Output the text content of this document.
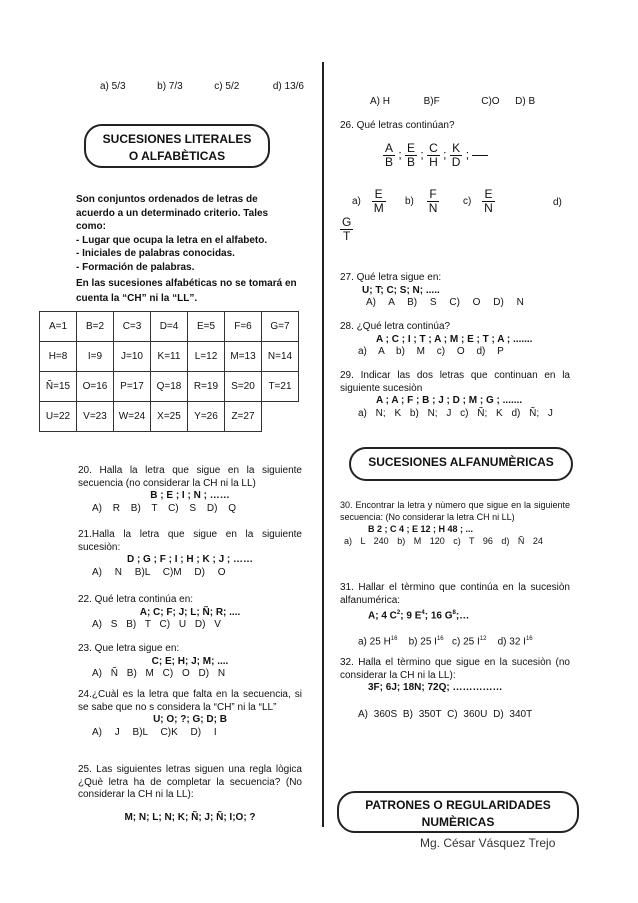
a) 5/3	b) 7/3	c) 5/2	d) 13/6
SUCESIONES LITERALES
O ALFABÈTICAS
Son conjuntos ordenados de letras de acuerdo a un determinado criterio. Tales como:
- Lugar que ocupa la letra en el alfabeto.
- Iniciales de palabras conocidas.
- Formación de palabras.
En las sucesiones alfabéticas no se tomará en cuenta la “CH” ni la “LL”.
A=1	B=2	C=3	D=4	E=5	F=6	G=7
H=8	I=9	J=10	K=11	L=12	M=13	N=14
Ñ=15	O=16	P=17	Q=18	R=19	S=20	T=21
U=22	V=23	W=24	X=25	Y=26	Z=27	
20. Halla la letra que sigue en la siguiente secuencia (no considerar la CH ni la LL)
B ; E ; I ; N ; ……
A) R B) T C) S D) Q
21.Halla la letra que sigue en la siguiente sucesiòn:
D ; G ; F ; I ; H ; K ; J ; ……
A) N B)L C)M D) O
22. Qué letra continúa en:
A; C; F; J; L; Ñ; R; ....
A) S B) T C) U D) V
23. Que letra sigue en:
C; E; H; J; M; ....
A) Ñ B) M C) O D) N
24.¿Cuàl es la letra que falta en la secuencia, si se sabe que no s considera la “CH” ni la “LL”
U; O; ?; G; D; B
A) J B)L C)K D) I
25. Las siguientes letras siguen una regla lògica ¿Què letra ha de completar la secuencia? (No considerar la CH ni la LL):
M; N; L; N; K; Ñ; J; Ñ; I;O; ?
A) H	B)F	C)O D) B
26. Qué letras continúan?
$\frac{A}{B}$ ; $\frac{E}{B}$ ; $\frac{C}{H}$ ; $\frac{K}{D}$ ;
$a) \frac{E}{M} b) \frac{F}{N} c) \frac{E}{N}$	d)
$\frac{G}{T}$
27. Qué letra sigue en:
U; T; C; S; N; .....
A) A B) S C) O D) N
28. ¿Qué letra continúa?
A ; C ; I ; T ; A ; M ; E ; T ; A ; .......
a) A b) M c) O d) P
29. Indicar las dos letras que continuan en la siguiente sucesiòn
A ; A ; F ; B ; J ; D ; M ; G ; .......
a) N; K b) N; J c) Ñ; K d) Ñ; J
SUCESIONES ALFANUMÈRICAS
30. Encontrar la letra y nùmero que sigue en la siguiente secuencia: (No considerar la letra CH ni LL)
B 2 ; C 4 ; E 12 ; H 48 ; ...
a) L 240 b) M 120 c) T 96 d) Ñ 24
31. Hallar el tèrmino que continúa en la sucesiòn alfanumérica:
A; 4 $C^2$; 9 $E^4$; 16 $G^8;\dots$
a) 25 $H^{16}$ b) 25 $I^{16}$ c) 25 $I^{12}$ d) 32 $I^{16}$
32. Halla el tèrmino que sigue en la sucesiòn (no considerar la CH ni la LL):
3F; 6J; 18N; 72Q; ……………
A) 360S B) 350T C) 360U D) 340T
PATRONES O REGULARIDADES
NUMÈRICAS
Mg. César Vásquez Trejo
